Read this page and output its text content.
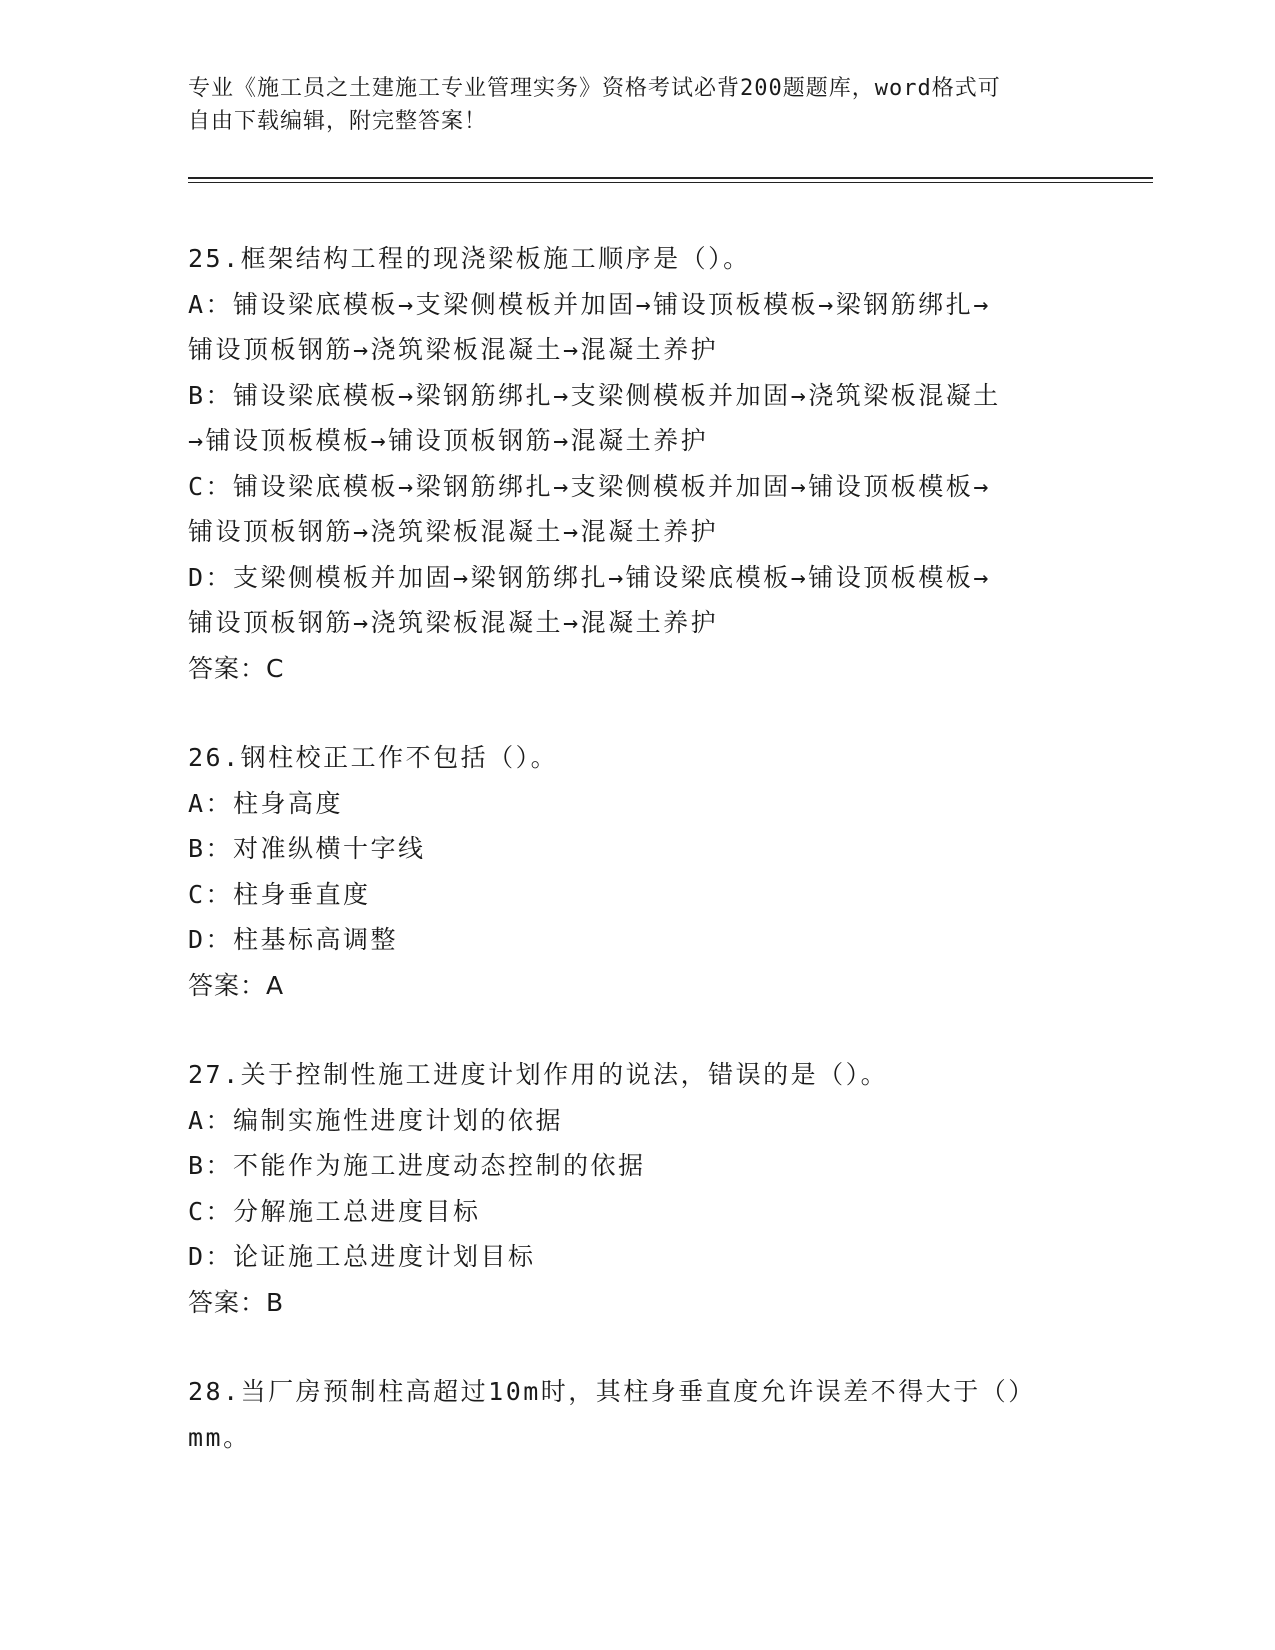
专业《施工员之土建施工专业管理实务》资格考试必背200题题库，word格式可
自由下载编辑，附完整答案！
25.框架结构工程的现浇梁板施工顺序是（）。
A：铺设梁底模板→支梁侧模板并加固→铺设顶板模板→梁钢筋绑扎→
铺设顶板钢筋→浇筑梁板混凝土→混凝土养护
B：铺设梁底模板→梁钢筋绑扎→支梁侧模板并加固→浇筑梁板混凝土
→铺设顶板模板→铺设顶板钢筋→混凝土养护
C：铺设梁底模板→梁钢筋绑扎→支梁侧模板并加固→铺设顶板模板→
铺设顶板钢筋→浇筑梁板混凝土→混凝土养护
D：支梁侧模板并加固→梁钢筋绑扎→铺设梁底模板→铺设顶板模板→
铺设顶板钢筋→浇筑梁板混凝土→混凝土养护
答案：C
26.钢柱校正工作不包括（）。
A：柱身高度
B：对准纵横十字线
C：柱身垂直度
D：柱基标高调整
答案：A
27.关于控制性施工进度计划作用的说法，错误的是（）。
A：编制实施性进度计划的依据
B：不能作为施工进度动态控制的依据
C：分解施工总进度目标
D：论证施工总进度计划目标
答案：B
28.当厂房预制柱高超过10m时，其柱身垂直度允许误差不得大于（）
mm。
